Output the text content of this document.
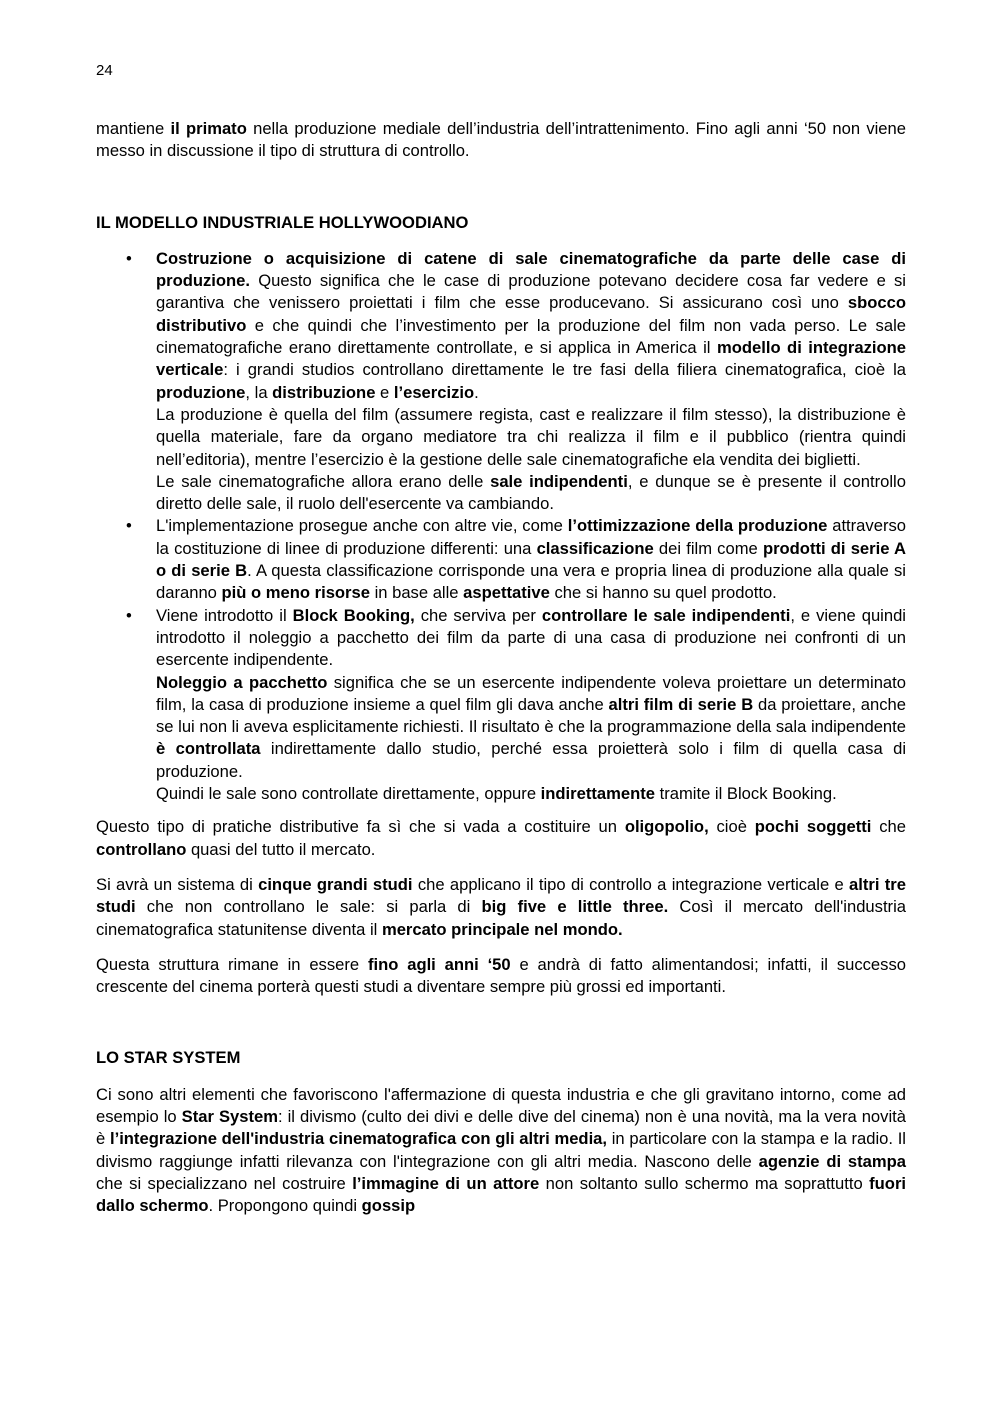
24

mantiene il primato nella produzione mediale dell’industria dell’intrattenimento. Fino agli anni ‘50 non viene messo in discussione il tipo di struttura di controllo.

IL MODELLO INDUSTRIALE HOLLYWOODIANO
• Costruzione o acquisizione di catene di sale cinematografiche da parte delle case di produzione. Questo significa che le case di produzione potevano decidere cosa far vedere e si garantiva che venissero proiettati i film che esse producevano. Si assicurano così uno sbocco distributivo e che quindi che l’investimento per la produzione del film non vada perso. Le sale cinematografiche erano direttamente controllate, e si applica in America il modello di integrazione verticale: i grandi studios controllano direttamente le tre fasi della filiera cinematografica, cioè la produzione, la distribuzione e l’esercizio.

La produzione è quella del film (assumere regista, cast e realizzare il film stesso), la distribuzione è quella materiale, fare da organo mediatore tra chi realizza il film e il pubblico (rientra quindi nell’editoria), mentre l’esercizio è la gestione delle sale cinematografiche ela vendita dei biglietti.

Le sale cinematografiche allora erano delle sale indipendenti, e dunque se è presente il controllo diretto delle sale, il ruolo dell'esercente va cambiando.

• L'implementazione prosegue anche con altre vie, come l’ottimizzazione della produzione attraverso la costituzione di linee di produzione differenti: una classificazione dei film come prodotti di serie A o di serie B. A questa classificazione corrisponde una vera e propria linea di produzione alla quale si daranno più o meno risorse in base alle aspettative che si hanno su quel prodotto.

• Viene introdotto il Block Booking, che serviva per controllare le sale indipendenti, e viene quindi introdotto il noleggio a pacchetto dei film da parte di una casa di produzione nei confronti di un esercente indipendente.

Noleggio a pacchetto significa che se un esercente indipendente voleva proiettare un determinato film, la casa di produzione insieme a quel film gli dava anche altri film di serie B da proiettare, anche se lui non li aveva esplicitamente richiesti. Il risultato è che la programmazione della sala indipendente è controllata indirettamente dallo studio, perché essa proietterà solo i film di quella casa di produzione.

Quindi le sale sono controllate direttamente, oppure indirettamente tramite il Block Booking.

Questo tipo di pratiche distributive fa sì che si vada a costituire un oligopolio, cioè pochi soggetti che controllano quasi del tutto il mercato.

Si avrà un sistema di cinque grandi studi che applicano il tipo di controllo a integrazione verticale e altri tre studi che non controllano le sale: si parla di big five e little three. Così il mercato dell'industria cinematografica statunitense diventa il mercato principale nel mondo.

Questa struttura rimane in essere fino agli anni ‘50 e andrà di fatto alimentandosi; infatti, il successo crescente del cinema porterà questi studi a diventare sempre più grossi ed importanti.

LO STAR SYSTEM

Ci sono altri elementi che favoriscono l'affermazione di questa industria e che gli gravitano intorno, come ad esempio lo Star System: il divismo (culto dei divi e delle dive del cinema) non è una novità, ma la vera novità è l’integrazione dell'industria cinematografica con gli altri media, in particolare con la stampa e la radio. Il divismo raggiunge infatti rilevanza con l'integrazione con gli altri media. Nascono delle agenzie di stampa che si specializzano nel costruire l’immagine di un attore non soltanto sullo schermo ma soprattutto fuori dallo schermo. Propongono quindi gossip
